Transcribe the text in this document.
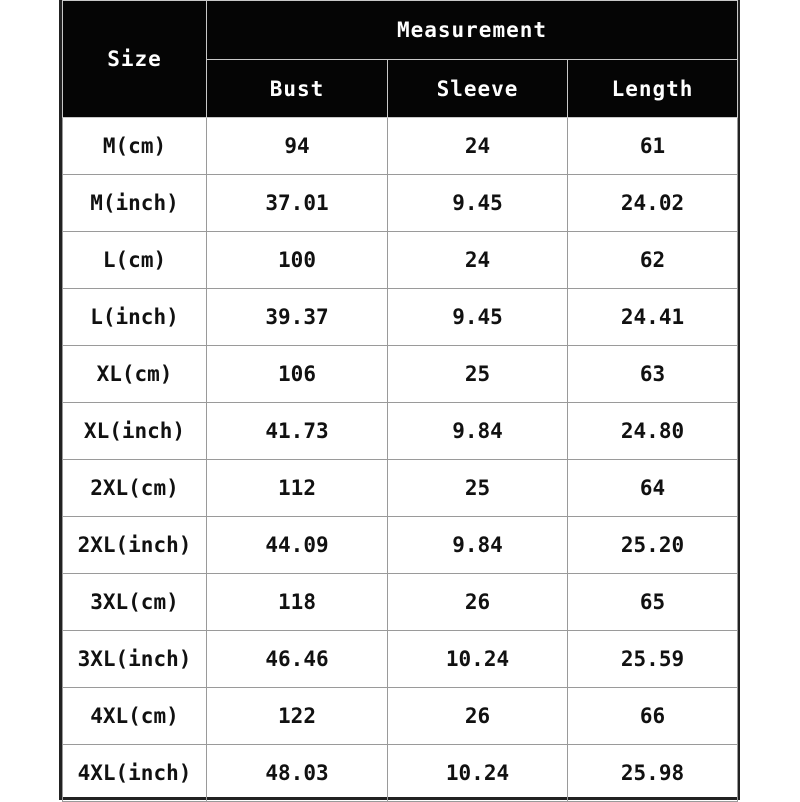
Size	Measurement		
	Bust	Sleeve	Length
M(cm)	94	24	61
M(inch)	37.01	9.45	24.02
L(cm)	100	24	62
L(inch)	39.37	9.45	24.41
XL(cm)	106	25	63
XL(inch)	41.73	9.84	24.80
2XL(cm)	112	25	64
2XL(inch)	44.09	9.84	25.20
3XL(cm)	118	26	65
3XL(inch)	46.46	10.24	25.59
4XL(cm)	122	26	66
4XL(inch)	48.03	10.24	25.98
